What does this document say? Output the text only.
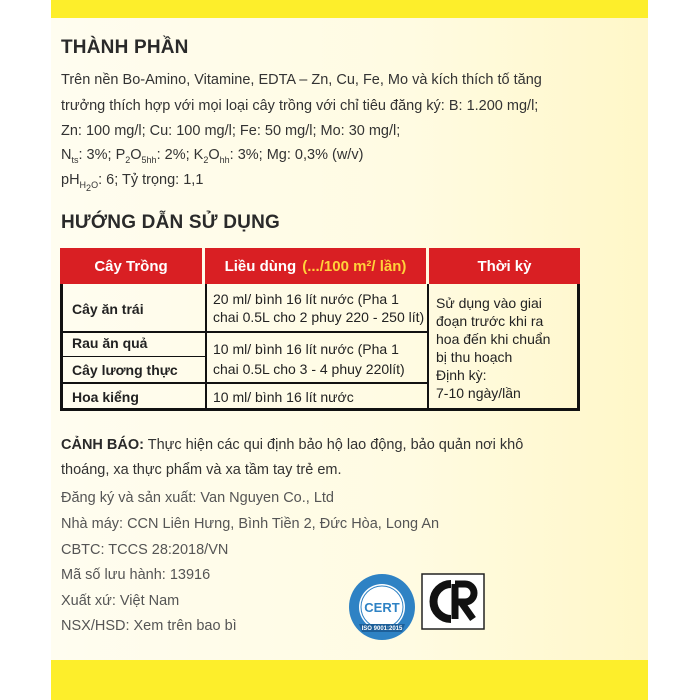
THÀNH PHẦN
Trên nền Bo-Amino, Vitamine, EDTA – Zn, Cu, Fe, Mo và kích thích tố tăng
trưởng thích hợp với mọi loại cây trồng với chỉ tiêu đăng ký: B: 1.200 mg/l;
Zn: 100 mg/l; Cu: 100 mg/l; Fe: 50 mg/l; Mo: 30 mg/l;
$N_{ts}$: 3%; $P_2O_{5hh}$: 2%; $K_2O_{hh}$: 3%; Mg: 0,3% (w/v)
$pH_{H_2O}$: 6; Tỷ trọng: 1,1
HƯỚNG DẪN SỬ DỤNG
Cây Trồng	Liều dùng (.../100 m²/ lần)	Thời kỳ
Cây ăn trái
Rau ăn quả
Cây lương thực
Hoa kiểng
20 ml/ bình 16 lít nước (Pha 1
chai 0.5L cho 2 phuy 220 - 250 lít)
10 ml/ bình 16 lít nước (Pha 1
chai 0.5L cho 3 - 4 phuy 220lít)
10 ml/ bình 16 lít nước
Sử dụng vào giai
đoạn trước khi ra
hoa đến khi chuẩn
bị thu hoạch
Định kỳ:
7-10 ngày/lần
CẢNH BÁO: Thực hiện các qui định bảo hộ lao động, bảo quản nơi khô
thoáng, xa thực phẩm và xa tầm tay trẻ em.
Đăng ký và sản xuất: Van Nguyen Co., Ltd
Nhà máy: CCN Liên Hưng, Bình Tiền 2, Đức Hòa, Long An
CBTC: TCCS 28:2018/VN
Mã số lưu hành: 13916
Xuất xứ: Việt Nam
NSX/HSD: Xem trên bao bì
CERT
ISO 9001:2015
